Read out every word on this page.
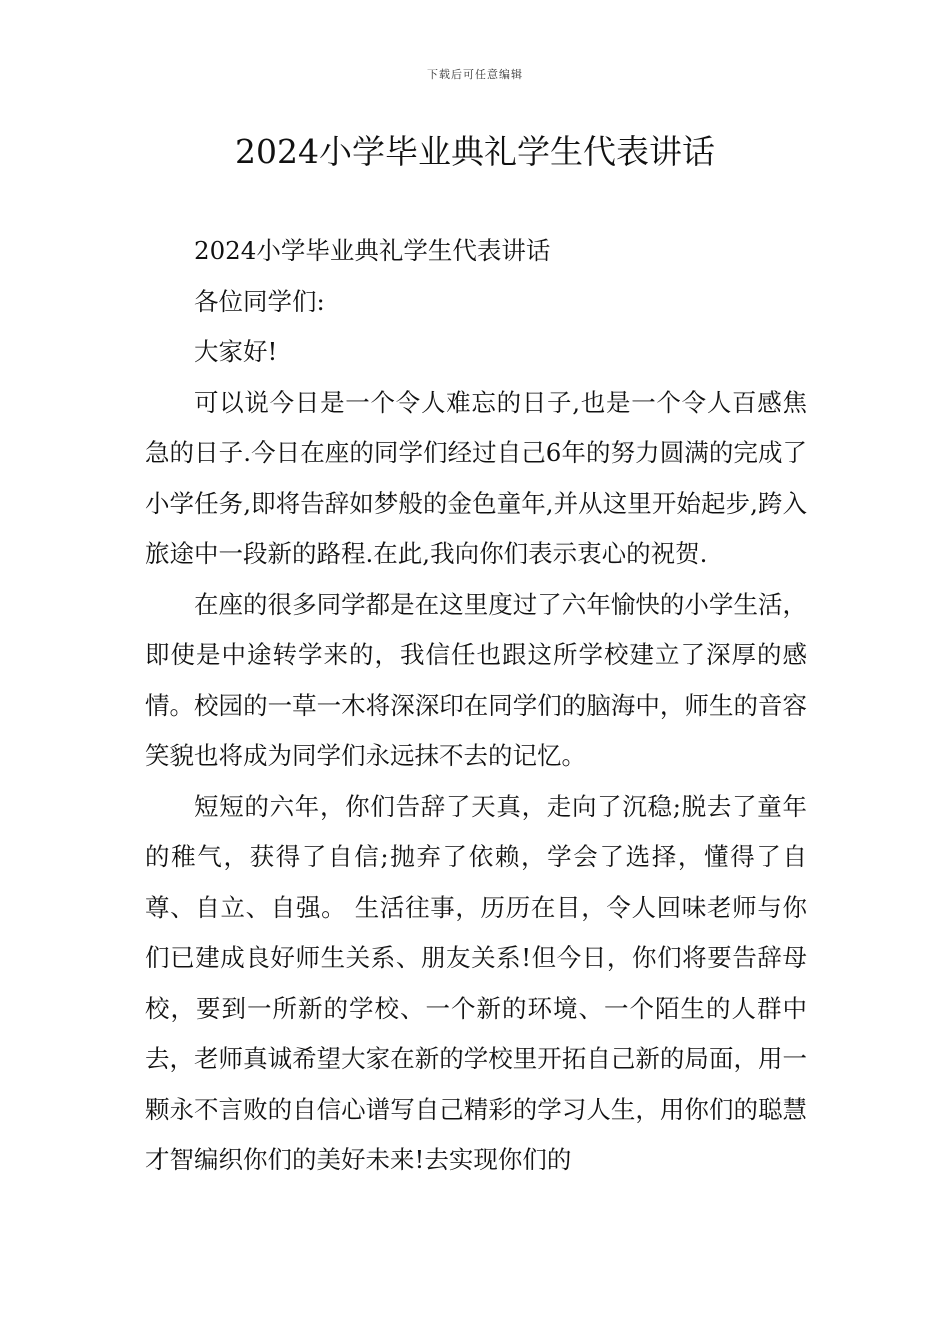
下载后可任意编辑
2024小学毕业典礼学生代表讲话

2024小学毕业典礼学生代表讲话

各位同学们:

大家好!

可以说今日是一个令人难忘的日子,也是一个令人百感焦急的日子.今日在座的同学们经过自己6年的努力圆满的完成了小学任务,即将告辞如梦般的金色童年,并从这里开始起步,跨入旅途中一段新的路程.在此,我向你们表示衷心的祝贺.

在座的很多同学都是在这里度过了六年愉快的小学生活，即使是中途转学来的，我信任也跟这所学校建立了深厚的感情。校园的一草一木将深深印在同学们的脑海中，师生的音容笑貌也将成为同学们永远抹不去的记忆。

短短的六年，你们告辞了天真，走向了沉稳;脱去了童年的稚气，获得了自信;抛弃了依赖，学会了选择，懂得了自尊、自立、自强。 生活往事，历历在目，令人回味老师与你们已建成良好师生关系、朋友关系!但今日，你们将要告辞母校，要到一所新的学校、一个新的环境、一个陌生的人群中去，老师真诚希望大家在新的学校里开拓自己新的局面，用一颗永不言败的自信心谱写自己精彩的学习人生，用你们的聪慧才智编织你们的美好未来!去实现你们的
